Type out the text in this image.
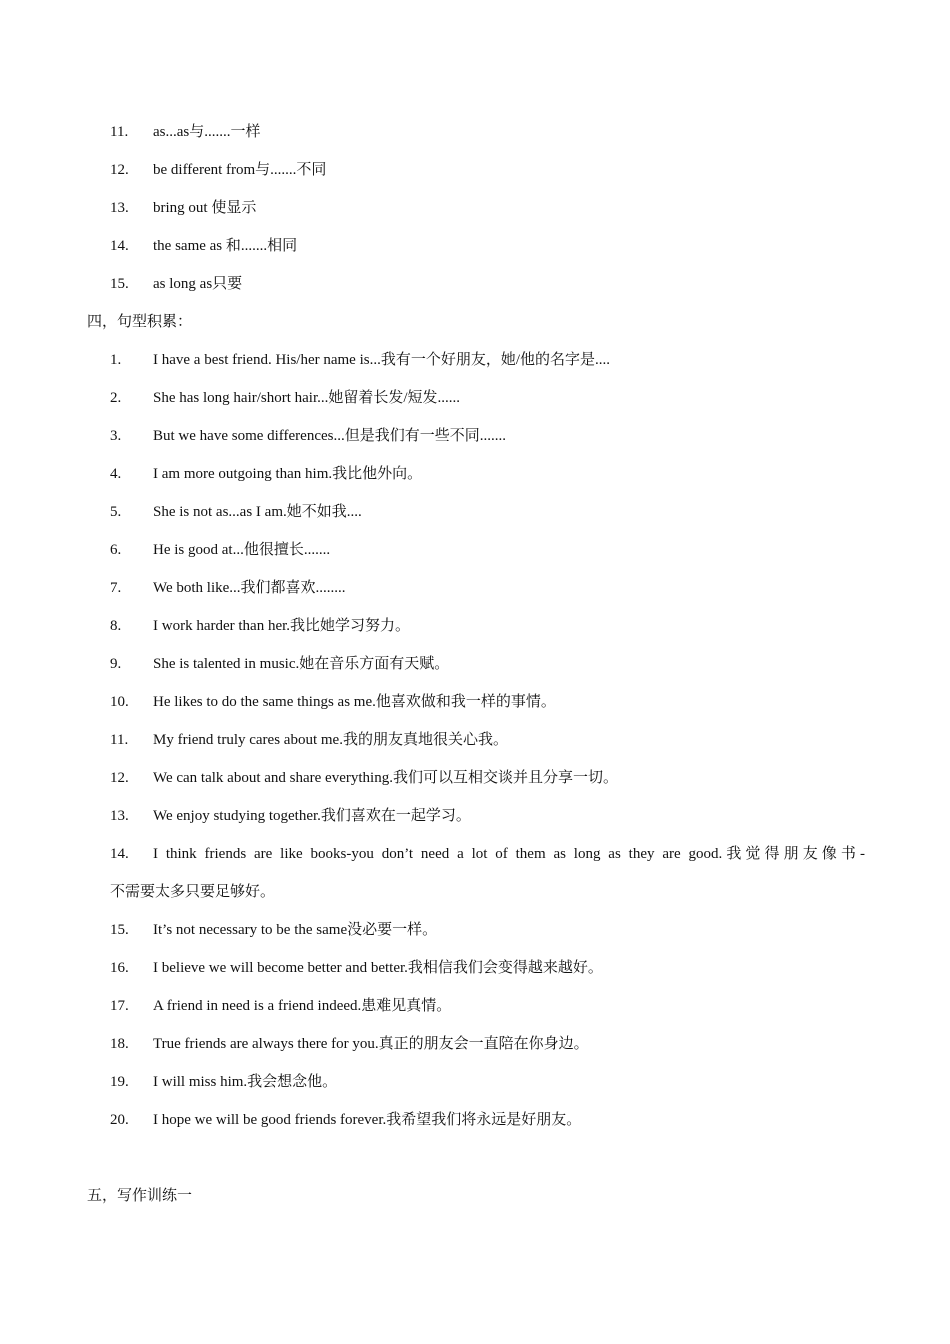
11. as...as与.......一样
12. be different from与.......不同
13. bring out 使显示
14. the same as 和.......相同
15. as long as只要
四，句型积累：
1. I have a best friend. His/her name is...我有一个好朋友，她/他的名字是....
2. She has long hair/short hair...她留着长发/短发......
3. But we have some differences...但是我们有一些不同.......
4. I am more outgoing than him.我比他外向。
5. She is not as...as I am.她不如我....
6. He is good at...他很擅长.......
7. We both like...我们都喜欢........
8. I work harder than her.我比她学习努力。
9. She is talented in music.她在音乐方面有天赋。
10. He likes to do the same things as me.他喜欢做和我一样的事情。
11. My friend truly cares about me.我的朋友真地很关心我。
12. We can talk about and share everything.我们可以互相交谈并且分享一切。
13. We enjoy studying together.我们喜欢在一起学习。
14. I think friends are like books-you don’t need a lot of them as long as they are good.我觉得朋友像书-
不需要太多只要足够好。
15. It’s not necessary to be the same没必要一样。
16. I believe we will become better and better.我相信我们会变得越来越好。
17. A friend in need is a friend indeed.患难见真情。
18. True friends are always there for you.真正的朋友会一直陪在你身边。
19. I will miss him.我会想念他。
20. I hope we will be good friends forever.我希望我们将永远是好朋友。
五，写作训练一
